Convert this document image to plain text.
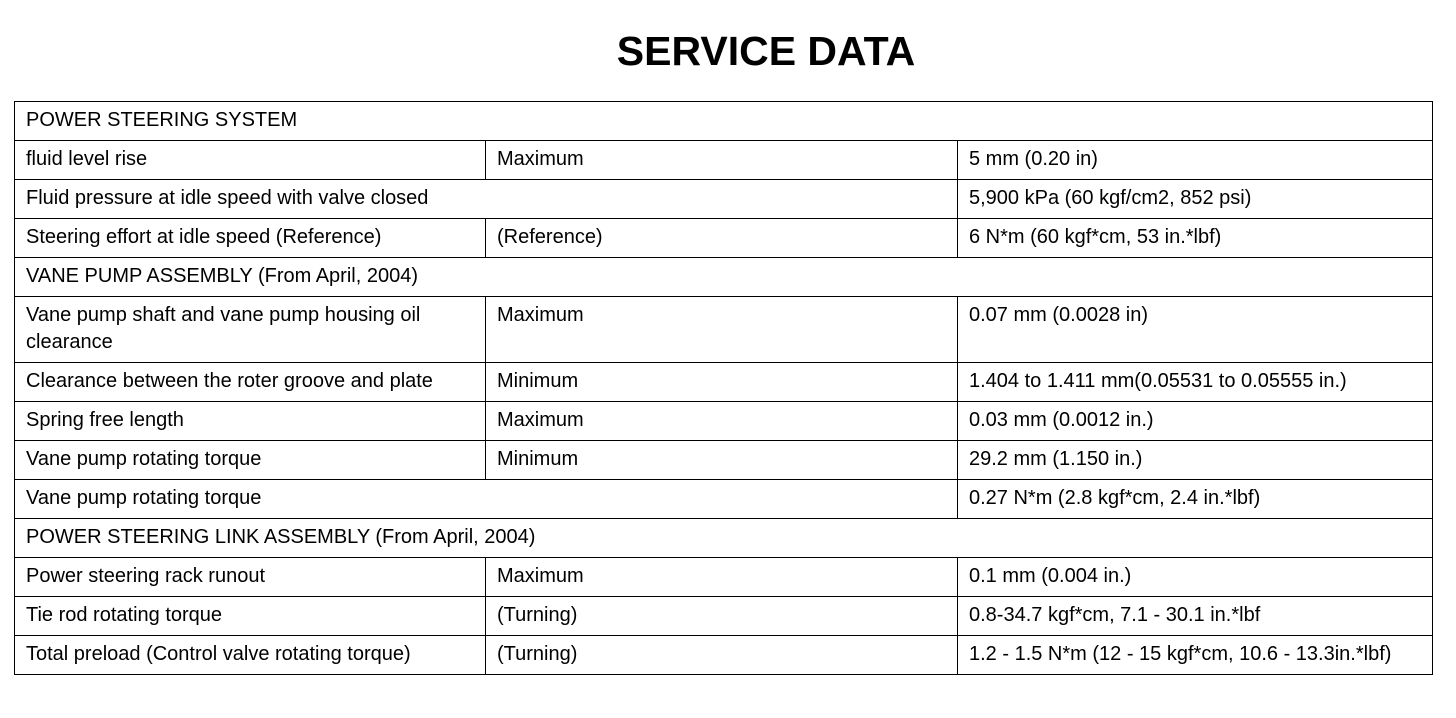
SERVICE DATA
POWER STEERING SYSTEM		
fluid level rise	Maximum	5 mm (0.20 in)
Fluid pressure at idle speed with valve closed		5,900 kPa (60 kgf/cm2, 852 psi)
Steering effort at idle speed (Reference)	(Reference)	6 N*m (60 kgf*cm, 53 in.*lbf)
VANE PUMP ASSEMBLY (From April, 2004)		
Vane pump shaft and vane pump housing oil clearance	Maximum	0.07 mm (0.0028 in)
Clearance between the roter groove and plate	Minimum	1.404 to 1.411 mm(0.05531 to 0.05555 in.)
Spring free length	Maximum	0.03 mm (0.0012 in.)
Vane pump rotating torque	Minimum	29.2 mm (1.150 in.)
Vane pump rotating torque		0.27 N*m (2.8 kgf*cm, 2.4 in.*lbf)
POWER STEERING LINK ASSEMBLY (From April, 2004)		
Power steering rack runout	Maximum	0.1 mm (0.004 in.)
Tie rod rotating torque	(Turning)	0.8-34.7 kgf*cm, 7.1 - 30.1 in.*lbf
Total preload (Control valve rotating torque)	(Turning)	1.2 - 1.5 N*m (12 - 15 kgf*cm, 10.6 - 13.3in.*lbf)
